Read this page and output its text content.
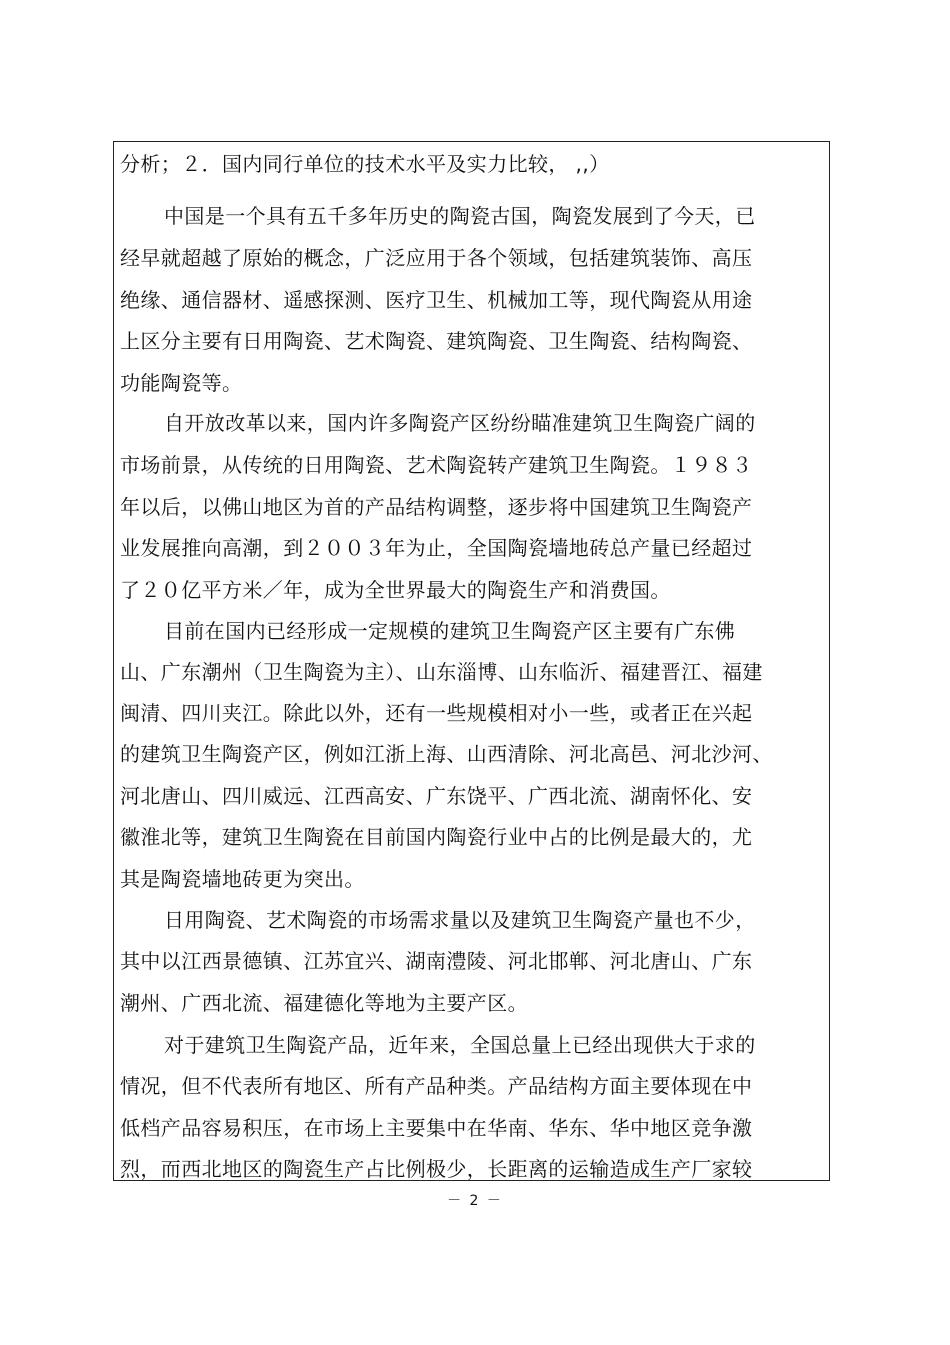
分析；２．国内同行单位的技术水平及实力比较， ,,）
中国是一个具有五千多年历史的陶瓷古国，陶瓷发展到了今天，已
经早就超越了原始的概念，广泛应用于各个领域，包括建筑装饰、高压
绝缘、通信器材、遥感探测、医疗卫生、机械加工等，现代陶瓷从用途
上区分主要有日用陶瓷、艺术陶瓷、建筑陶瓷、卫生陶瓷、结构陶瓷、
功能陶瓷等。
自开放改革以来，国内许多陶瓷产区纷纷瞄准建筑卫生陶瓷广阔的
市场前景，从传统的日用陶瓷、艺术陶瓷转产建筑卫生陶瓷。１９８３
年以后，以佛山地区为首的产品结构调整，逐步将中国建筑卫生陶瓷产
业发展推向高潮，到２００３年为止，全国陶瓷墙地砖总产量已经超过
了２０亿平方米／年，成为全世界最大的陶瓷生产和消费国。
目前在国内已经形成一定规模的建筑卫生陶瓷产区主要有广东佛
山、广东潮州（卫生陶瓷为主）、山东淄博、山东临沂、福建晋江、福建
闽清、四川夹江。除此以外，还有一些规模相对小一些，或者正在兴起
的建筑卫生陶瓷产区，例如江浙上海、山西清除、河北高邑、河北沙河、
河北唐山、四川威远、江西高安、广东饶平、广西北流、湖南怀化、安
徽淮北等，建筑卫生陶瓷在目前国内陶瓷行业中占的比例是最大的，尤
其是陶瓷墙地砖更为突出。
日用陶瓷、艺术陶瓷的市场需求量以及建筑卫生陶瓷产量也不少，
其中以江西景德镇、江苏宜兴、湖南澧陵、河北邯郸、河北唐山、广东
潮州、广西北流、福建德化等地为主要产区。
对于建筑卫生陶瓷产品，近年来，全国总量上已经出现供大于求的
情况，但不代表所有地区、所有产品种类。产品结构方面主要体现在中
低档产品容易积压，在市场上主要集中在华南、华东、华中地区竞争激
烈，而西北地区的陶瓷生产占比例极少，长距离的运输造成生产厂家较
－ 2 －
